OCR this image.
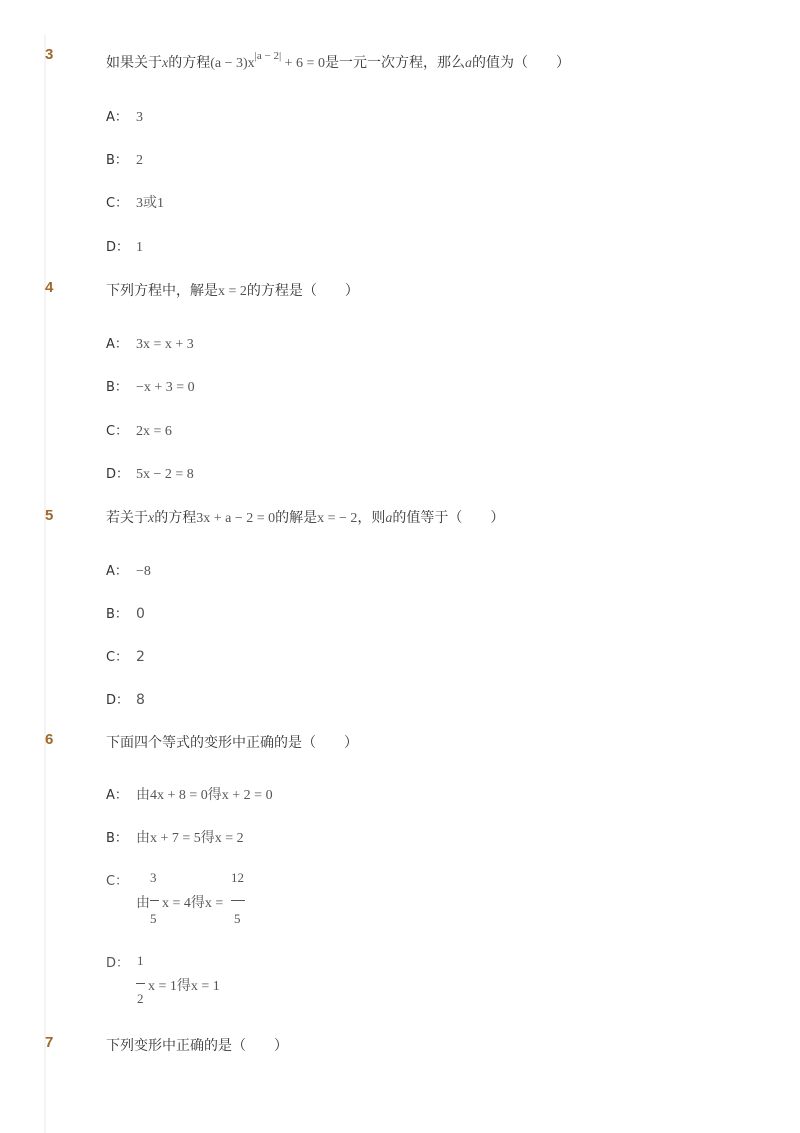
3	如果关于x的方程$(a - 3)x^{|a - 2|} + 6 = 0$是一元一次方程，那么a的值为（　　）
A： 3
B： 2
C： 3或1
D： 1
4	下列方程中，解是x = 2的方程是（　　）
A： 3x = x + 3
B： −x + 3 = 0
C： 2x = 6
D： 5x − 2 = 8
5	若关于x的方程3x + a − 2 = 0的解是x = − 2，则a的值等于（　　）
A： −8
B： 0
C： 2
D： 8
6	下面四个等式的变形中正确的是（　　）
A： 由4x + 8 = 0得x + 2 = 0
B： 由x + 7 = 5得x = 2
C： 3
由
5
x = 4得x =
12
5
D： 1
2
x = 1得x = 1
7	下列变形中正确的是（　　）
